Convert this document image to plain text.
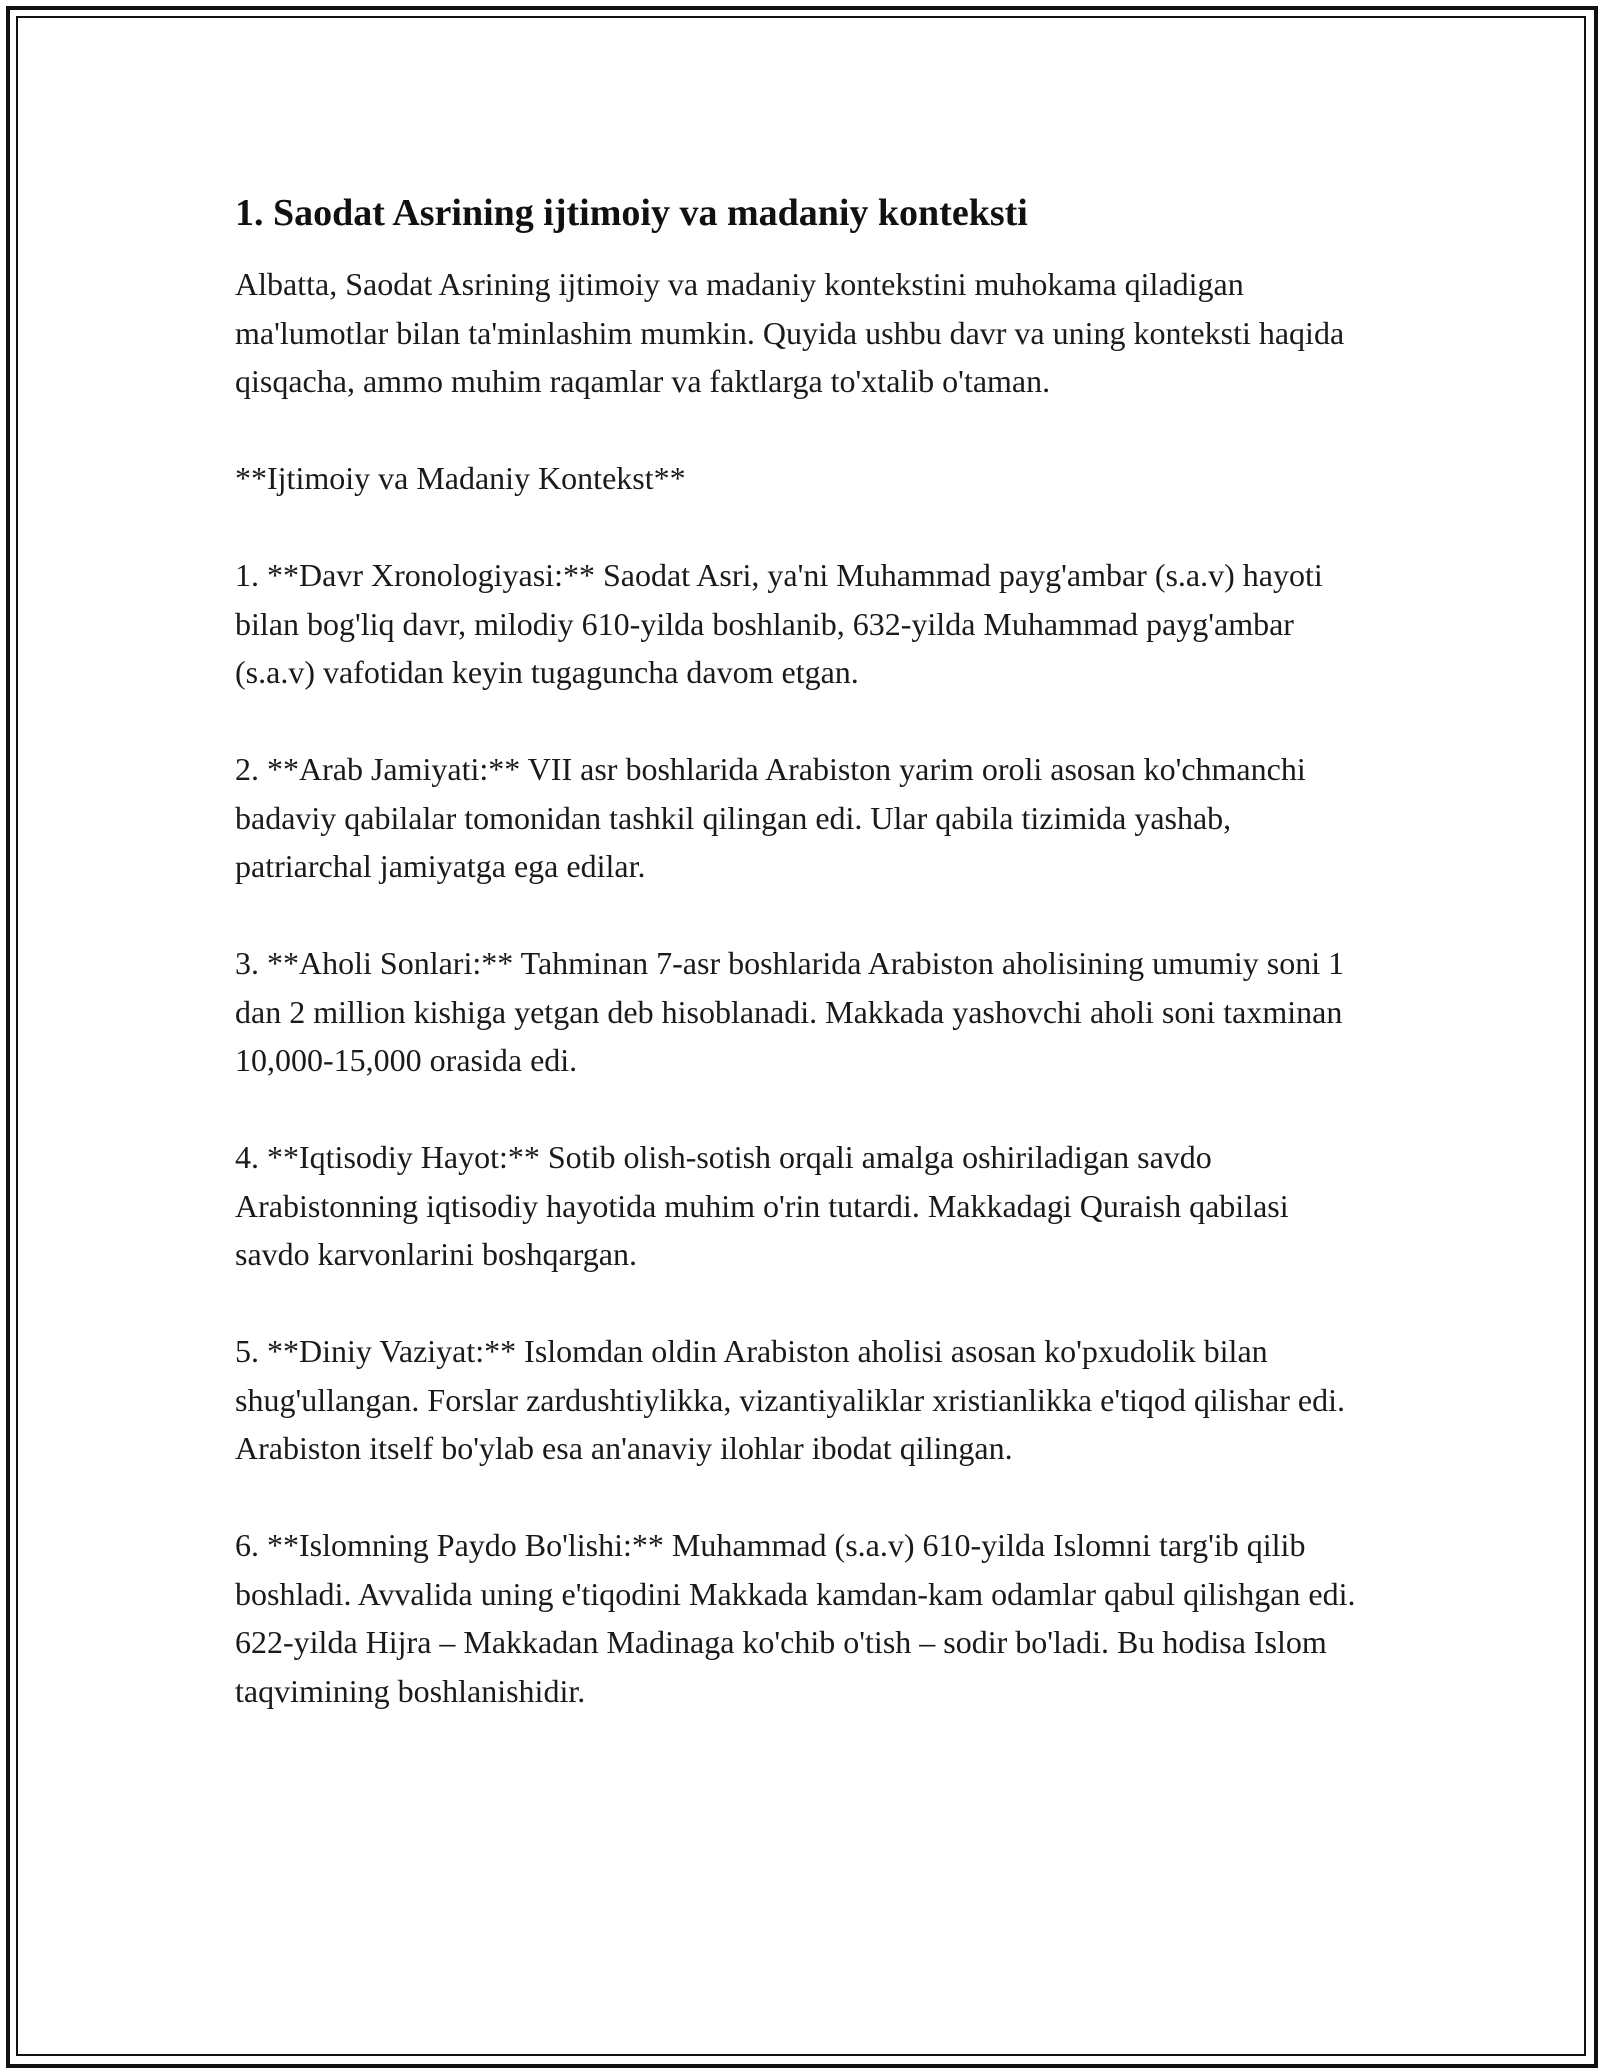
1. Saodat Asrining ijtimoiy va madaniy konteksti

Albatta, Saodat Asrining ijtimoiy va madaniy kontekstini muhokama qiladigan ma'lumotlar bilan ta'minlashim mumkin. Quyida ushbu davr va uning konteksti haqida qisqacha, ammo muhim raqamlar va faktlarga to'xtalib o'taman.

**Ijtimoiy va Madaniy Kontekst**

1. **Davr Xronologiyasi:** Saodat Asri, ya'ni Muhammad payg'ambar (s.a.v) hayoti bilan bog'liq davr, milodiy 610-yilda boshlanib, 632-yilda Muhammad payg'ambar (s.a.v) vafotidan keyin tugaguncha davom etgan.

2. **Arab Jamiyati:** VII asr boshlarida Arabiston yarim oroli asosan ko'chmanchi badaviy qabilalar tomonidan tashkil qilingan edi. Ular qabila tizimida yashab, patriarchal jamiyatga ega edilar.

3. **Aholi Sonlari:** Tahminan 7-asr boshlarida Arabiston aholisining umumiy soni 1 dan 2 million kishiga yetgan deb hisoblanadi. Makkada yashovchi aholi soni taxminan 10,000-15,000 orasida edi.

4. **Iqtisodiy Hayot:** Sotib olish-sotish orqali amalga oshiriladigan savdo Arabistonning iqtisodiy hayotida muhim o'rin tutardi. Makkadagi Quraish qabilasi savdo karvonlarini boshqargan.

5. **Diniy Vaziyat:** Islomdan oldin Arabiston aholisi asosan ko'pxudolik bilan shug'ullangan. Forslar zardushtiylikka, vizantiyaliklar xristianlikka e'tiqod qilishar edi. Arabiston itself bo'ylab esa an'anaviy ilohlar ibodat qilingan.

6. **Islomning Paydo Bo'lishi:** Muhammad (s.a.v) 610-yilda Islomni targ'ib qilib boshladi. Avvalida uning e'tiqodini Makkada kamdan-kam odamlar qabul qilishgan edi. 622-yilda Hijra – Makkadan Madinaga ko'chib o'tish – sodir bo'ladi. Bu hodisa Islom taqvimining boshlanishidir.
